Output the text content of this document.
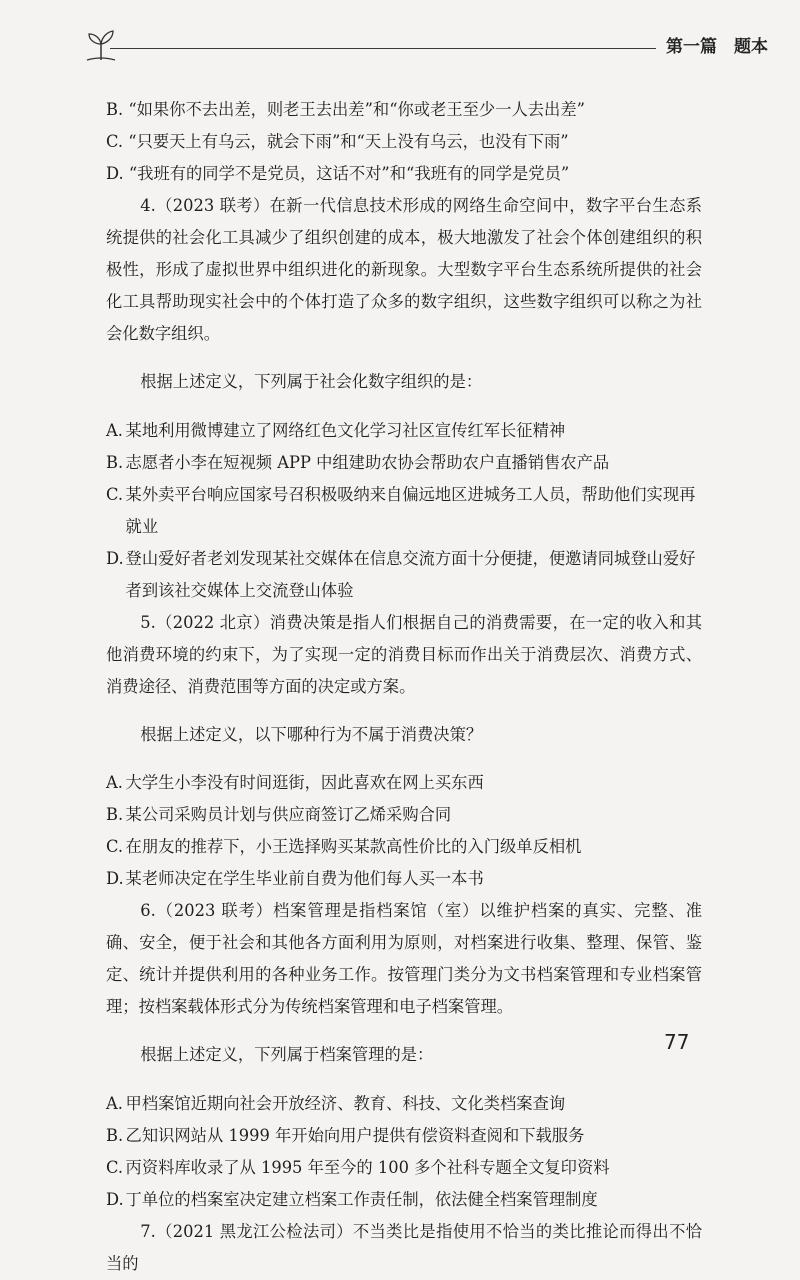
第一篇　题本

B. “如果你不去出差，则老王去出差”和“你或老王至少一人去出差”

C. “只要天上有乌云，就会下雨”和“天上没有乌云，也没有下雨”

D. “我班有的同学不是党员，这话不对”和“我班有的同学是党员”

4.（2023 联考）在新一代信息技术形成的网络生命空间中，数字平台生态系统提供的社会化工具减少了组织创建的成本，极大地激发了社会个体创建组织的积极性，形成了虚拟世界中组织进化的新现象。大型数字平台生态系统所提供的社会化工具帮助现实社会中的个体打造了众多的数字组织，这些数字组织可以称之为社会化数字组织。

根据上述定义，下列属于社会化数字组织的是：

A. 某地利用微博建立了网络红色文化学习社区宣传红军长征精神

B. 志愿者小李在短视频 APP 中组建助农协会帮助农户直播销售农产品

C. 某外卖平台响应国家号召积极吸纳来自偏远地区进城务工人员，帮助他们实现再就业

D. 登山爱好者老刘发现某社交媒体在信息交流方面十分便捷，便邀请同城登山爱好者到该社交媒体上交流登山体验

5.（2022 北京）消费决策是指人们根据自己的消费需要，在一定的收入和其他消费环境的约束下，为了实现一定的消费目标而作出关于消费层次、消费方式、消费途径、消费范围等方面的决定或方案。

根据上述定义，以下哪种行为不属于消费决策？

A. 大学生小李没有时间逛街，因此喜欢在网上买东西

B. 某公司采购员计划与供应商签订乙烯采购合同

C. 在朋友的推荐下，小王选择购买某款高性价比的入门级单反相机

D. 某老师决定在学生毕业前自费为他们每人买一本书

6.（2023 联考）档案管理是指档案馆（室）以维护档案的真实、完整、准确、安全，便于社会和其他各方面利用为原则，对档案进行收集、整理、保管、鉴定、统计并提供利用的各种业务工作。按管理门类分为文书档案管理和专业档案管理；按档案载体形式分为传统档案管理和电子档案管理。

根据上述定义，下列属于档案管理的是：

A. 甲档案馆近期向社会开放经济、教育、科技、文化类档案查询

B. 乙知识网站从 1999 年开始向用户提供有偿资料查阅和下载服务

C. 丙资料库收录了从 1995 年至今的 100 多个社科专题全文复印资料

D. 丁单位的档案室决定建立档案工作责任制，依法健全档案管理制度

7.（2021 黑龙江公检法司）不当类比是指使用不恰当的类比推论而得出不恰当的

77
